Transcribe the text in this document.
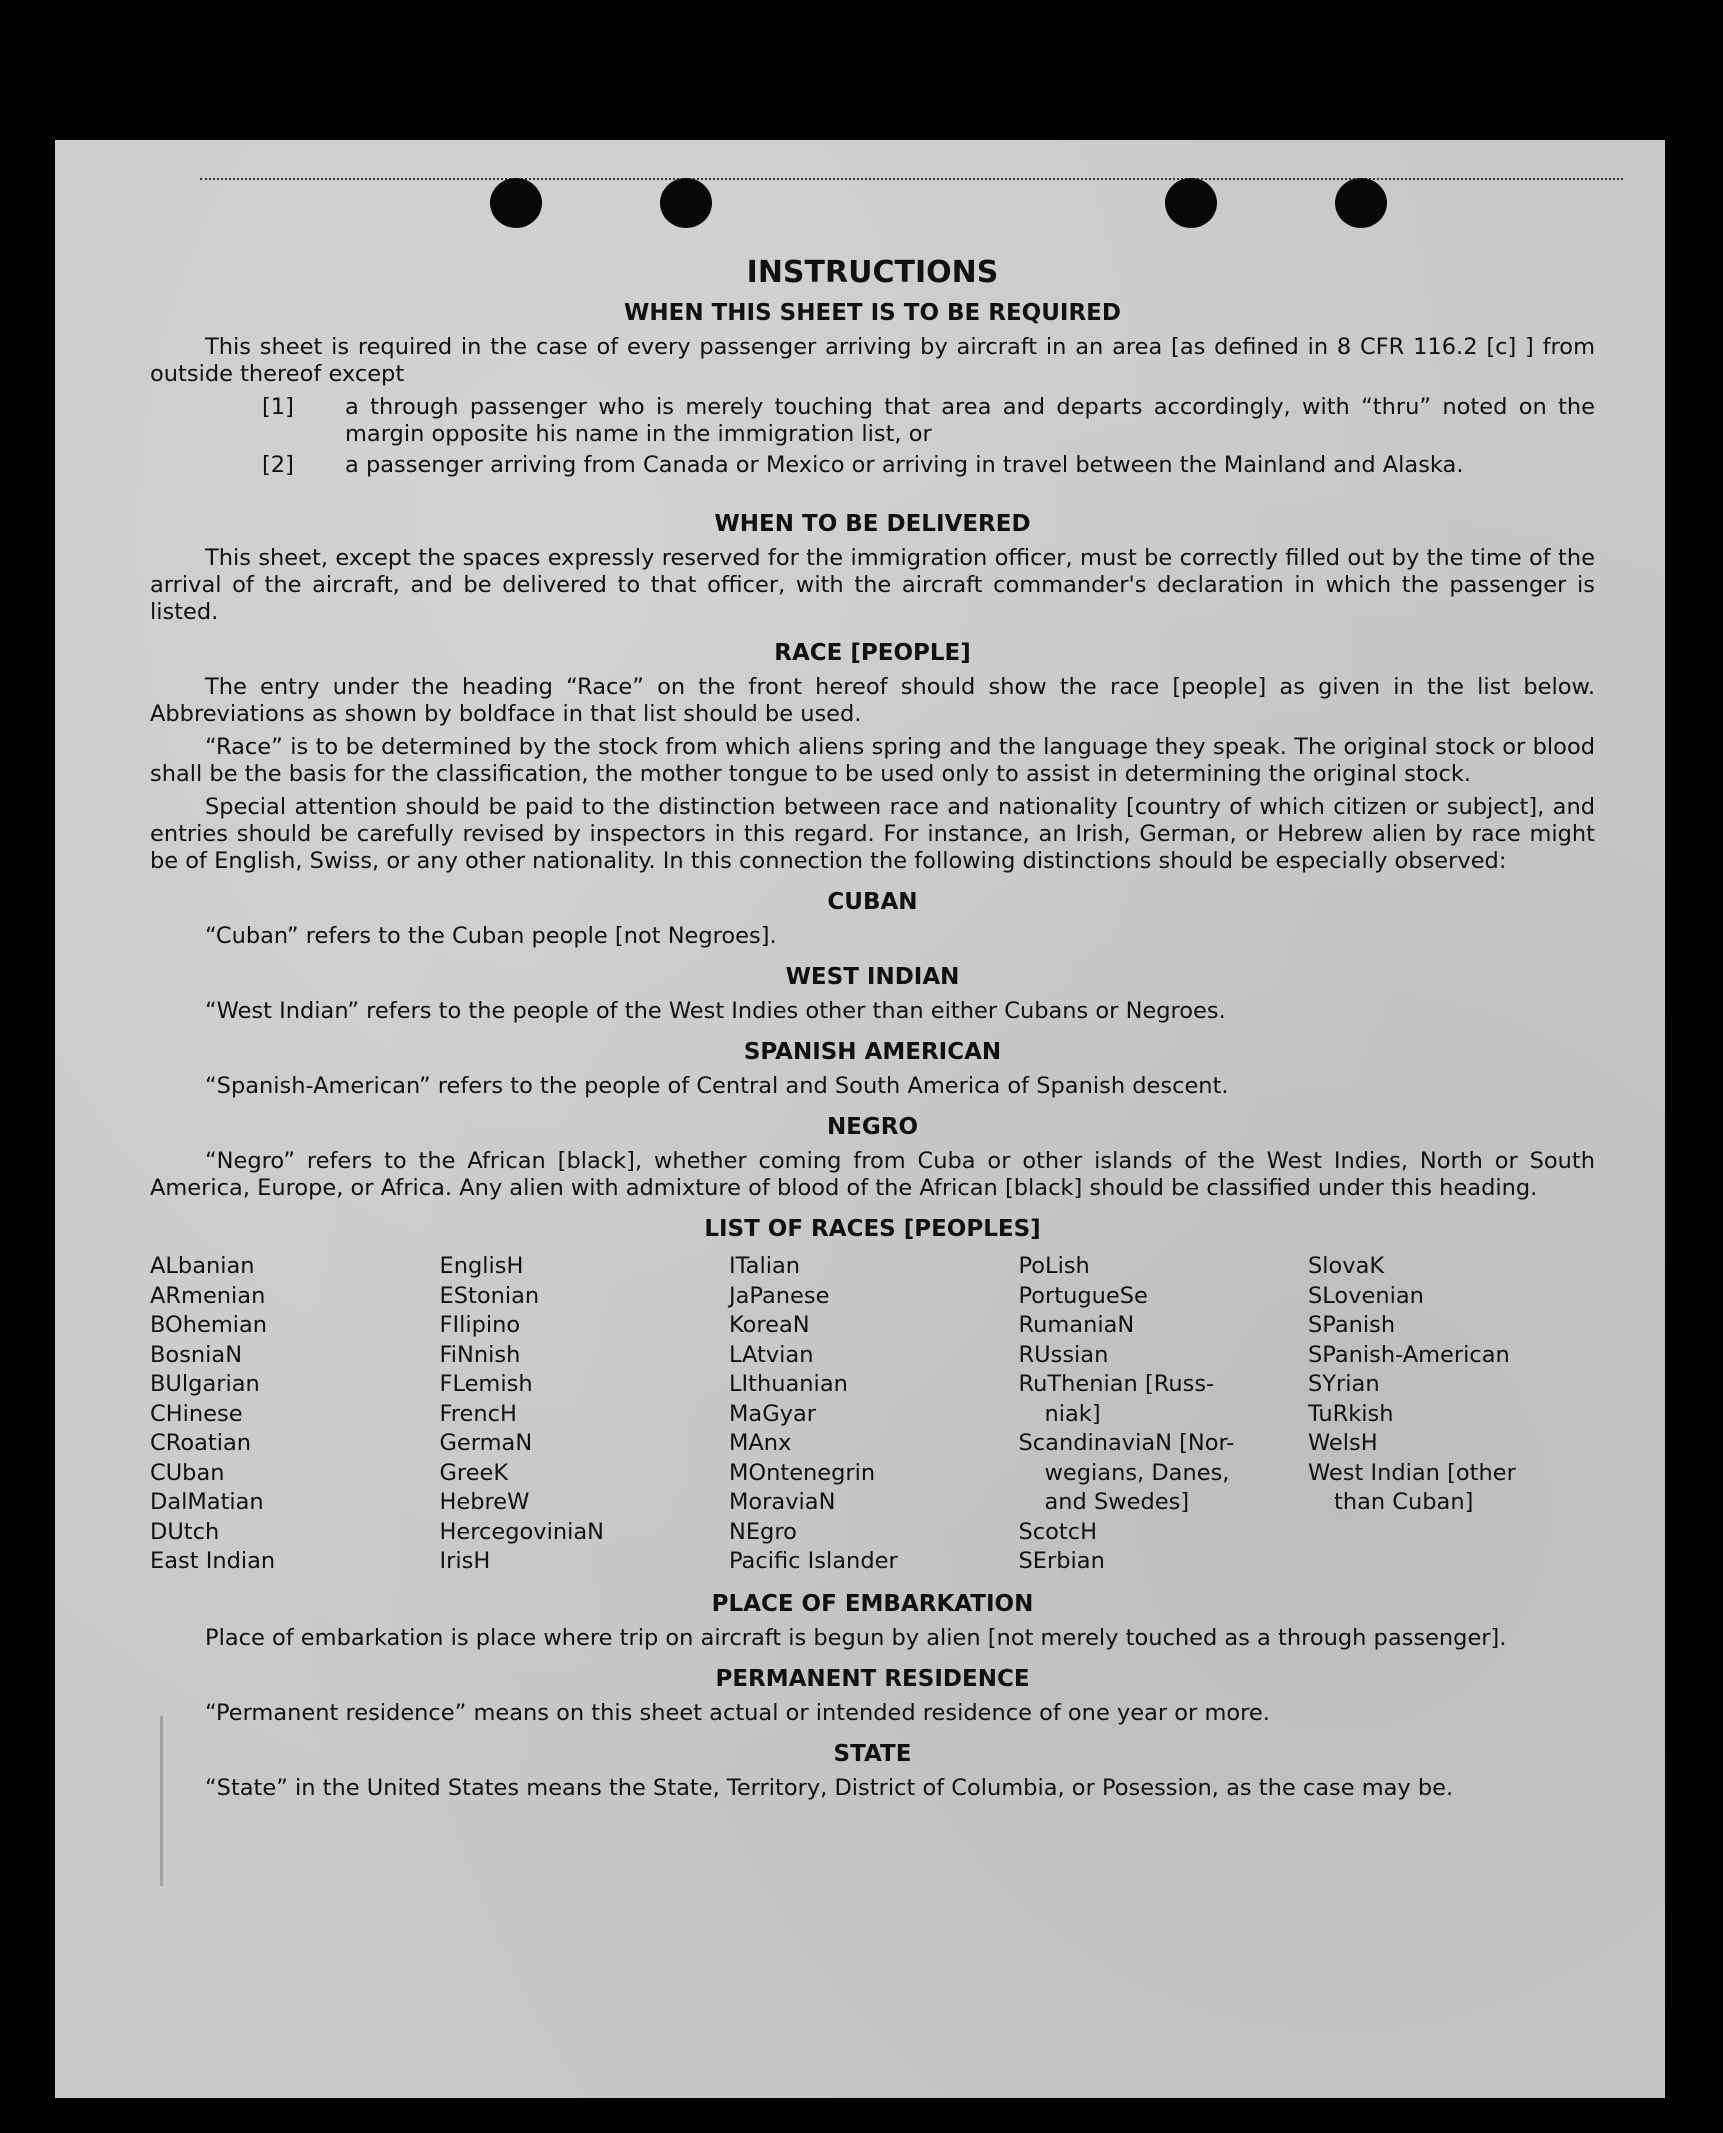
INSTRUCTIONS
WHEN THIS SHEET IS TO BE REQUIRED

This sheet is required in the case of every passenger arriving by aircraft in an area [as defined in 8 CFR 116.2 [c] ] from outside thereof except

[1] a through passenger who is merely touching that area and departs accordingly, with “thru” noted on the margin opposite his name in the immigration list, or
[2] a passenger arriving from Canada or Mexico or arriving in travel between the Mainland and Alaska.
WHEN TO BE DELIVERED

This sheet, except the spaces expressly reserved for the immigration officer, must be correctly filled out by the time of the arrival of the aircraft, and be delivered to that officer, with the aircraft commander's declaration in which the passenger is listed.

RACE [PEOPLE]

The entry under the heading “Race” on the front hereof should show the race [people] as given in the list below. Abbreviations as shown by boldface in that list should be used.

“Race” is to be determined by the stock from which aliens spring and the language they speak. The original stock or blood shall be the basis for the classification, the mother tongue to be used only to assist in determining the original stock.

Special attention should be paid to the distinction between race and nationality [country of which citizen or subject], and entries should be carefully revised by inspectors in this regard. For instance, an Irish, German, or Hebrew alien by race might be of English, Swiss, or any other nationality. In this connection the following distinctions should be especially observed:

CUBAN

“Cuban” refers to the Cuban people [not Negroes].

WEST INDIAN

“West Indian” refers to the people of the West Indies other than either Cubans or Negroes.

SPANISH AMERICAN

“Spanish-American” refers to the people of Central and South America of Spanish descent.

NEGRO

“Negro” refers to the African [black], whether coming from Cuba or other islands of the West Indies, North or South America, Europe, or Africa. Any alien with admixture of blood of the African [black] should be classified under this heading.

LIST OF RACES [PEOPLES]
ALbanian
ARmenian
BOhemian
BosniaN
BUlgarian
CHinese
CRoatian
CUban
DalMatian
DUtch
East Indian
EnglisH
EStonian
FIlipino
FiNnish
FLemish
FrencH
GermaN
GreeK
HebreW
HercegoviniaN
IrisH
ITalian
JaPanese
KoreaN
LAtvian
LIthuanian
MaGyar
MAnx
MOntenegrin
MoraviaN
NEgro
Pacific Islander
PoLish
PortugueSe
RumaniaN
RUssian
RuThenian [Russ-
niak]
ScandinaviaN [Nor-
wegians, Danes,
and Swedes]
ScotcH
SErbian
SlovaK
SLovenian
SPanish
SPanish-American
SYrian
TuRkish
WelsH
West Indian [other
than Cuban]
PLACE OF EMBARKATION

Place of embarkation is place where trip on aircraft is begun by alien [not merely touched as a through passenger].

PERMANENT RESIDENCE

“Permanent residence” means on this sheet actual or intended residence of one year or more.

STATE

“State” in the United States means the State, Territory, District of Columbia, or Posession, as the case may be.
